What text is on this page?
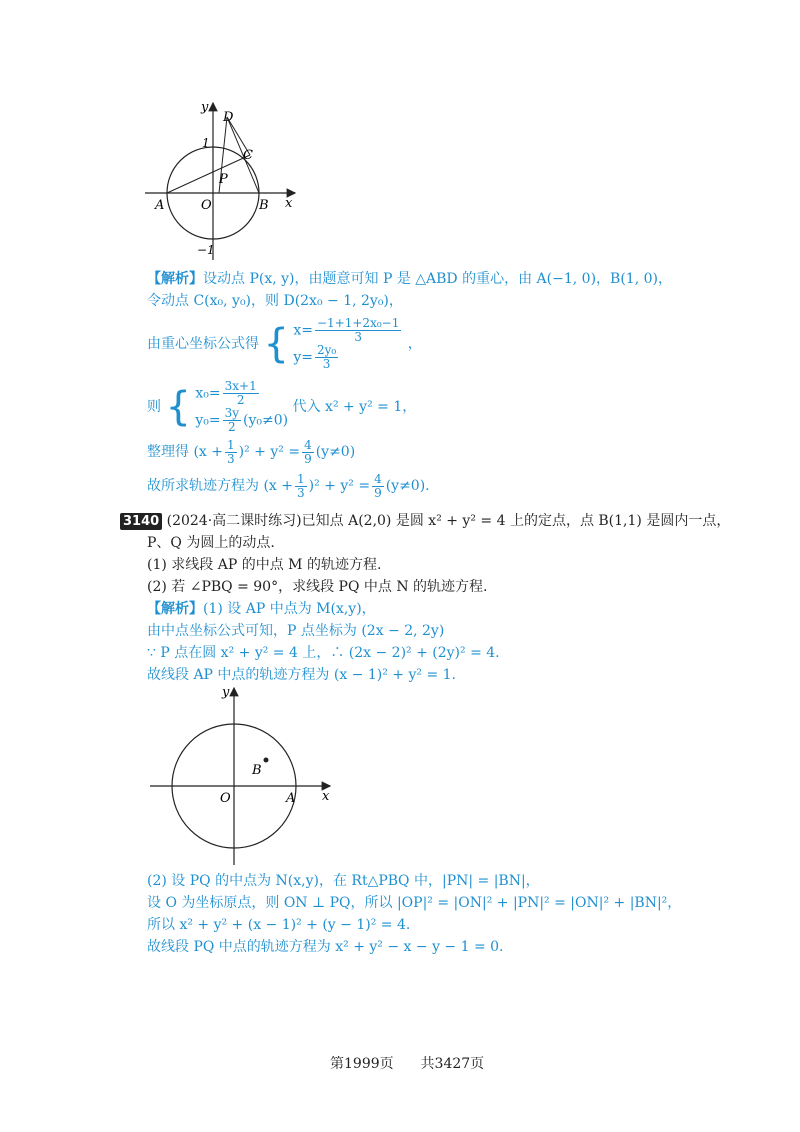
y
x
D
C
P
A	O	B
1
−1
【解析】设动点 P(x, y)，由题意可知 P 是 △ABD 的重心，由 A(−1, 0)，B(1, 0)，
令动点 C(x₀, y₀)，则 D(2x₀ − 1, 2y₀)，
由重心坐标公式得 { $x= \frac{\text{−1+1+2x₀−1}}{3}$
$y= \frac{\text{2y₀}}{3}$	，
则 { $x_0= \frac{3x+1}{2}$
$y_0= \frac{3y}{2} (y_0\ne 0)$
代入 x² + y² = 1，
整理得 $(x + \frac{1}{3} )^2 + y^2 = \frac{4}{9} (y\ne 0)$
故所求轨迹方程为 $(x + \frac{1}{3} )^2 + y^2 = \frac{4}{9} (y\ne 0)$.
3140 (2024·高二课时练习)已知点 A(2,0) 是圆 x² + y² = 4 上的定点，点 B(1,1) 是圆内一点，
P、Q 为圆上的动点.
(1) 求线段 AP 的中点 M 的轨迹方程.
(2) 若 ∠PBQ = 90°，求线段 PQ 中点 N 的轨迹方程.
【解析】(1) 设 AP 中点为 M(x,y)，
由中点坐标公式可知，P 点坐标为 (2x − 2, 2y)
∵ P 点在圆 x² + y² = 4 上，∴ (2x − 2)² + (2y)² = 4.
故线段 AP 中点的轨迹方程为 (x − 1)² + y² = 1.
y
x
B
O	A
(2) 设 PQ 的中点为 N(x,y)，在 Rt△PBQ 中，|PN| = |BN|，
设 O 为坐标原点，则 ON ⊥ PQ，所以 |OP|² = |ON|² + |PN|² = |ON|² + |BN|²，
所以 x² + y² + (x − 1)² + (y − 1)² = 4.
故线段 PQ 中点的轨迹方程为 x² + y² − x − y − 1 = 0.
第1999页 共3427页
